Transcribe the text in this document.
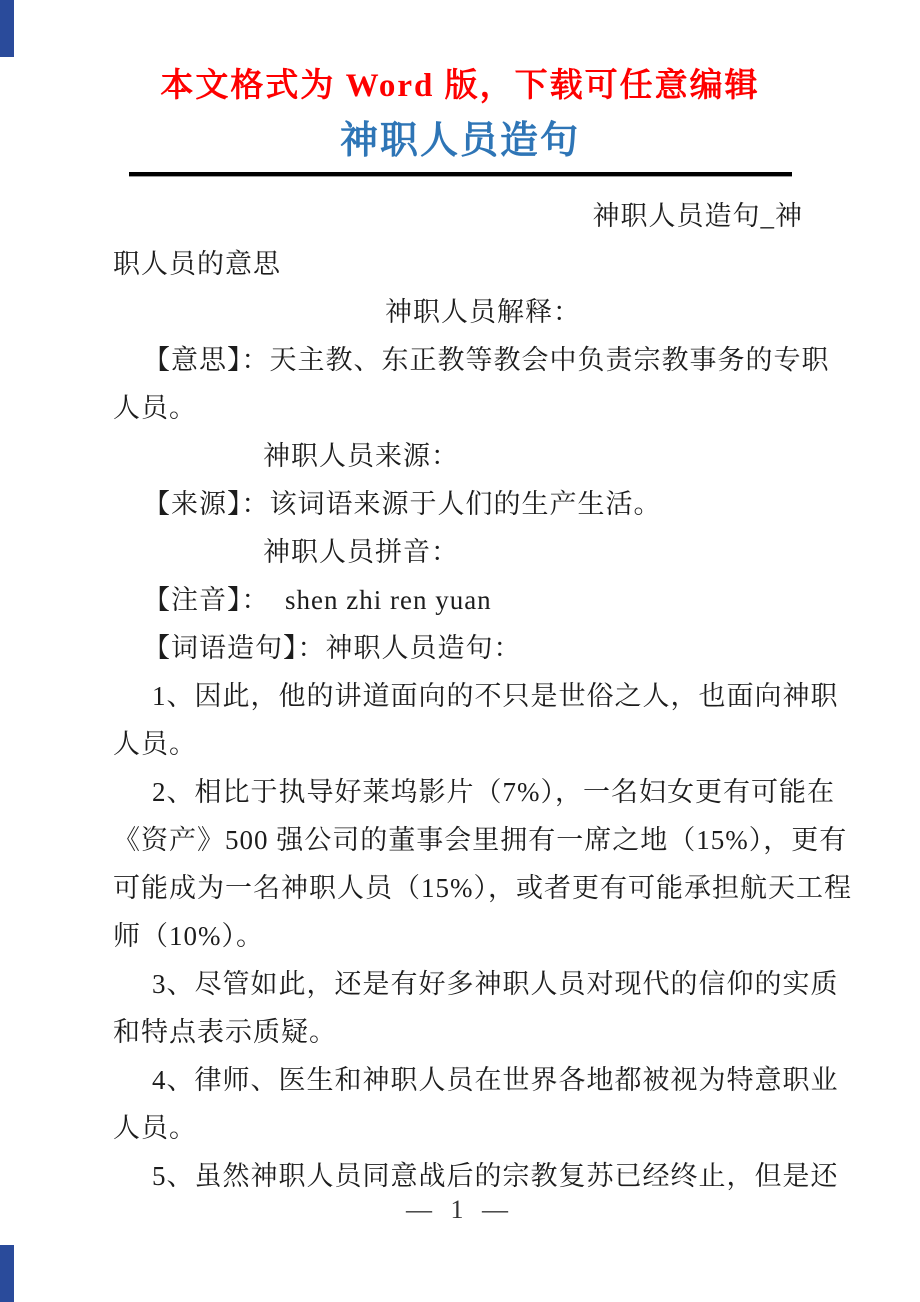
本文格式为 Word 版，下载可任意编辑
神职人员造句
神职人员造句_神
职人员的意思
神职人员解释：
【意思】：天主教、东正教等教会中负责宗教事务的专职
人员。
神职人员来源：
【来源】：该词语来源于人们的生产生活。
神职人员拼音：
【注音】：  shen zhi ren yuan
【词语造句】：神职人员造句：
1、因此，他的讲道面向的不只是世俗之人，也面向神职
人员。
2、相比于执导好莱坞影片（7%），一名妇女更有可能在
《资产》500 强公司的董事会里拥有一席之地（15%），更有
可能成为一名神职人员（15%），或者更有可能承担航天工程
师（10%）。
3、尽管如此，还是有好多神职人员对现代的信仰的实质
和特点表示质疑。
4、律师、医生和神职人员在世界各地都被视为特意职业
人员。
5、虽然神职人员同意战后的宗教复苏已经终止，但是还
— 1 —
